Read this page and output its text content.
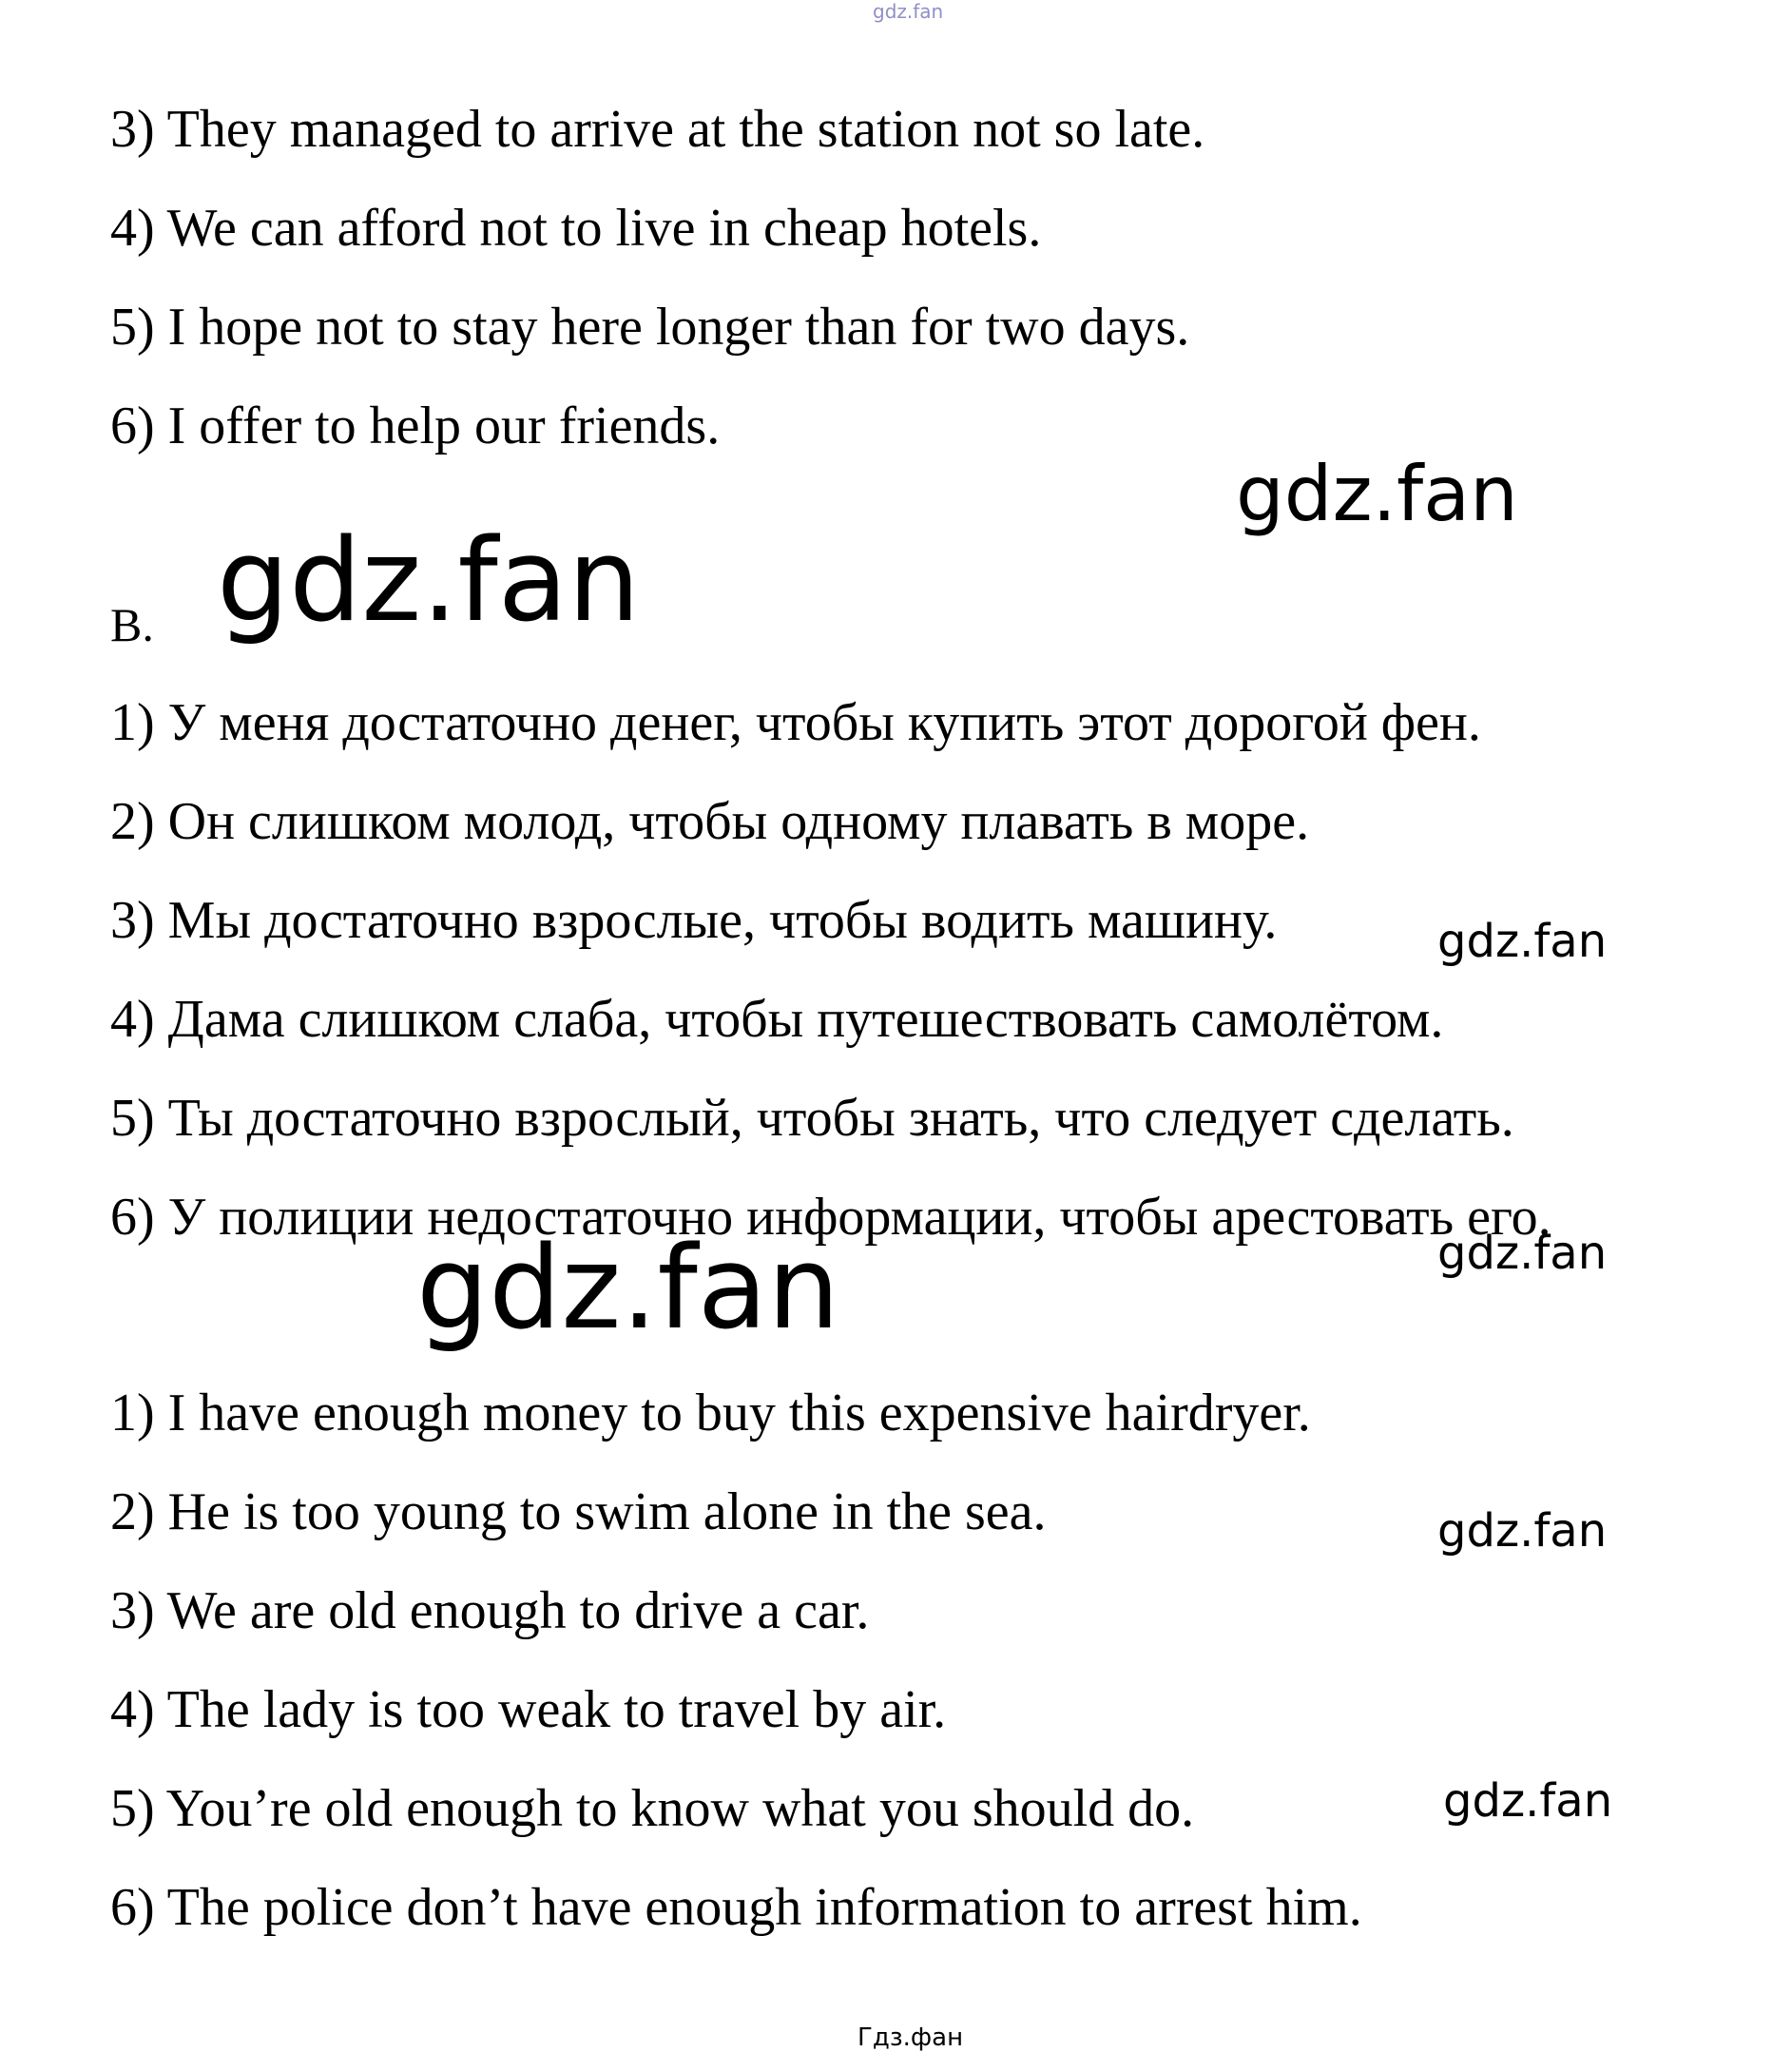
gdz.fan
3) They managed to arrive at the station not so late.
4) We can afford not to live in cheap hotels.
5) I hope not to stay here longer than for two days.
6) I offer to help our friends.
gdz.fan
B. gdz.fan
1) У меня достаточно денег, чтобы купить этот дорогой фен.
2) Он слишком молод, чтобы одному плавать в море.
3) Мы достаточно взрослые, чтобы водить машину.	gdz.fan
4) Дама слишком слаба, чтобы путешествовать самолётом.
5) Ты достаточно взрослый, чтобы знать, что следует сделать.
6) У полиции недостаточно информации, чтобы арестовать его.
gdz.fan
gdz.fan
1) I have enough money to buy this expensive hairdryer.
2) He is too young to swim alone in the sea.	gdz.fan
3) We are old enough to drive a car.
4) The lady is too weak to travel by air.
5) You’re old enough to know what you should do.	gdz.fan
6) The police don’t have enough information to arrest him.
Гдз.фан
